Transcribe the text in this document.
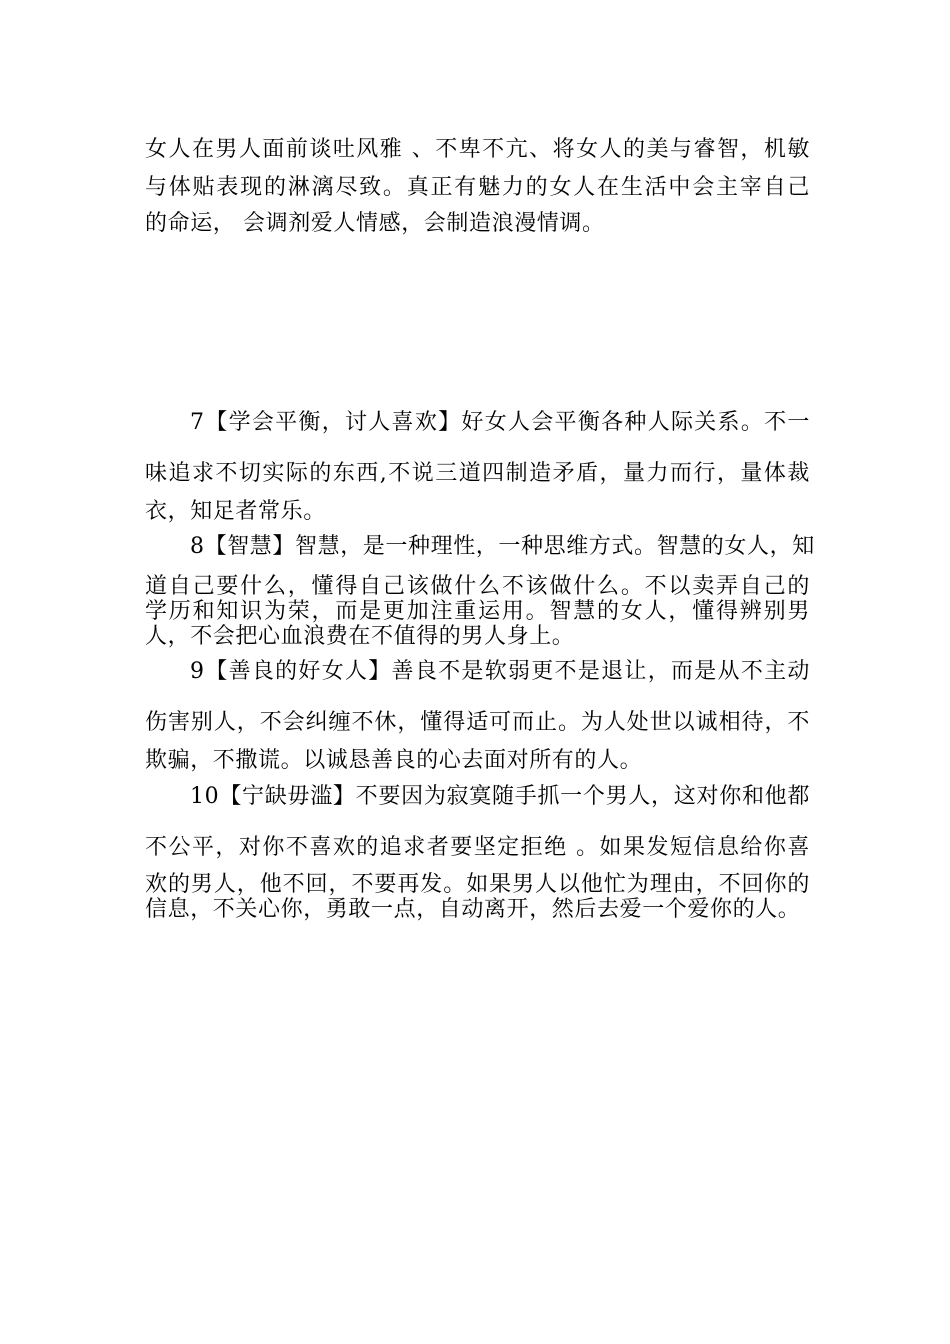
女人在男人面前谈吐风雅 、不卑不亢、将女人的美与睿智，机敏
与体贴表现的淋漓尽致。真正有魅力的女人在生活中会主宰自己
的命运， 会调剂爱人情感，会制造浪漫情调。
7【学会平衡，讨人喜欢】好女人会平衡各种人际关系。不一
味追求不切实际的东西,不说三道四制造矛盾，量力而行，量体裁
衣，知足者常乐。
8【智慧】智慧，是一种理性，一种思维方式。智慧的女人，知
道自己要什么，懂得自己该做什么不该做什么。不以卖弄自己的
学历和知识为荣，而是更加注重运用。智慧的女人，懂得辨别男
人，不会把心血浪费在不值得的男人身上。
9【善良的好女人】善良不是软弱更不是退让，而是从不主动
伤害别人，不会纠缠不休，懂得适可而止。为人处世以诚相待，不
欺骗，不撒谎。以诚恳善良的心去面对所有的人。
10【宁缺毋滥】不要因为寂寞随手抓一个男人，这对你和他都
不公平，对你不喜欢的追求者要坚定拒绝 。如果发短信息给你喜
欢的男人，他不回，不要再发。如果男人以他忙为理由，不回你的
信息，不关心你，勇敢一点，自动离开，然后去爱一个爱你的人。
